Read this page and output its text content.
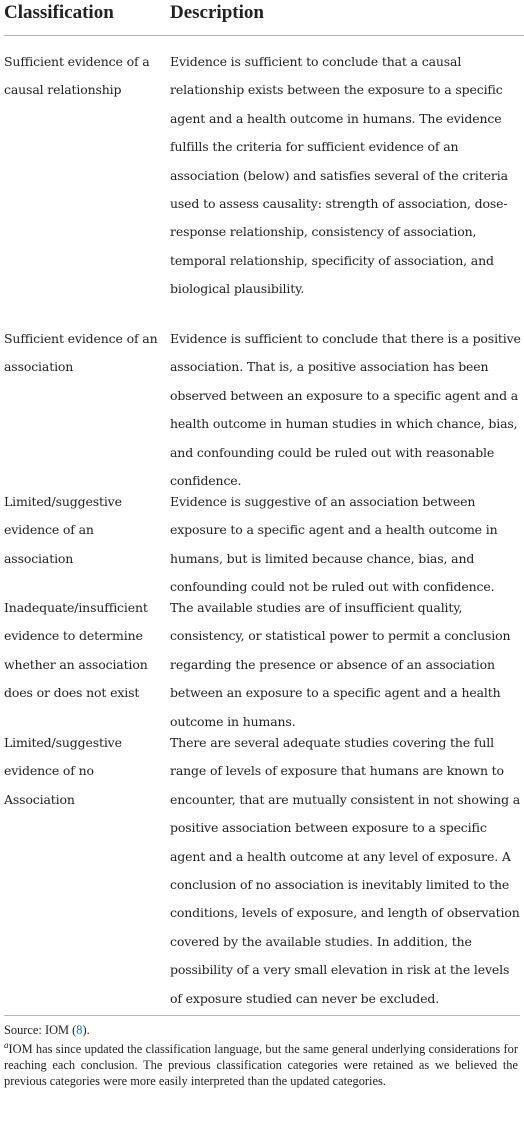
Classification	Description
Sufficient evidence of a causal relationship
Evidence is sufficient to conclude that a causal relationship exists between the exposure to a specific agent and a health outcome in humans. The evidence fulfills the criteria for sufficient evidence of an association (below) and satisfies several of the criteria used to assess causality: strength of association, dose-response relationship, consistency of association, temporal relationship, specificity of association, and biological plausibility.
Sufficient evidence of an association
Evidence is sufficient to conclude that there is a positive association. That is, a positive association has been observed between an exposure to a specific agent and a health outcome in human studies in which chance, bias, and confounding could be ruled out with reasonable confidence.
Limited/suggestive evidence of an association
Evidence is suggestive of an association between exposure to a specific agent and a health outcome in humans, but is limited because chance, bias, and confounding could not be ruled out with confidence.
Inadequate/insufficient evidence to determine whether an association does or does not exist
The available studies are of insufficient quality, consistency, or statistical power to permit a conclusion regarding the presence or absence of an association between an exposure to a specific agent and a health outcome in humans.
Limited/suggestive evidence of no Association
There are several adequate studies covering the full range of levels of exposure that humans are known to encounter, that are mutually consistent in not showing a positive association between exposure to a specific agent and a health outcome at any level of exposure. A conclusion of no association is inevitably limited to the conditions, levels of exposure, and length of observation covered by the available studies. In addition, the possibility of a very small elevation in risk at the levels of exposure studied can never be excluded.
Source: IOM (8).
$^a$IOM has since updated the classification language, but the same general underlying considerations for reaching each conclusion. The previous classification categories were retained as we believed the previous categories were more easily interpreted than the updated categories.
